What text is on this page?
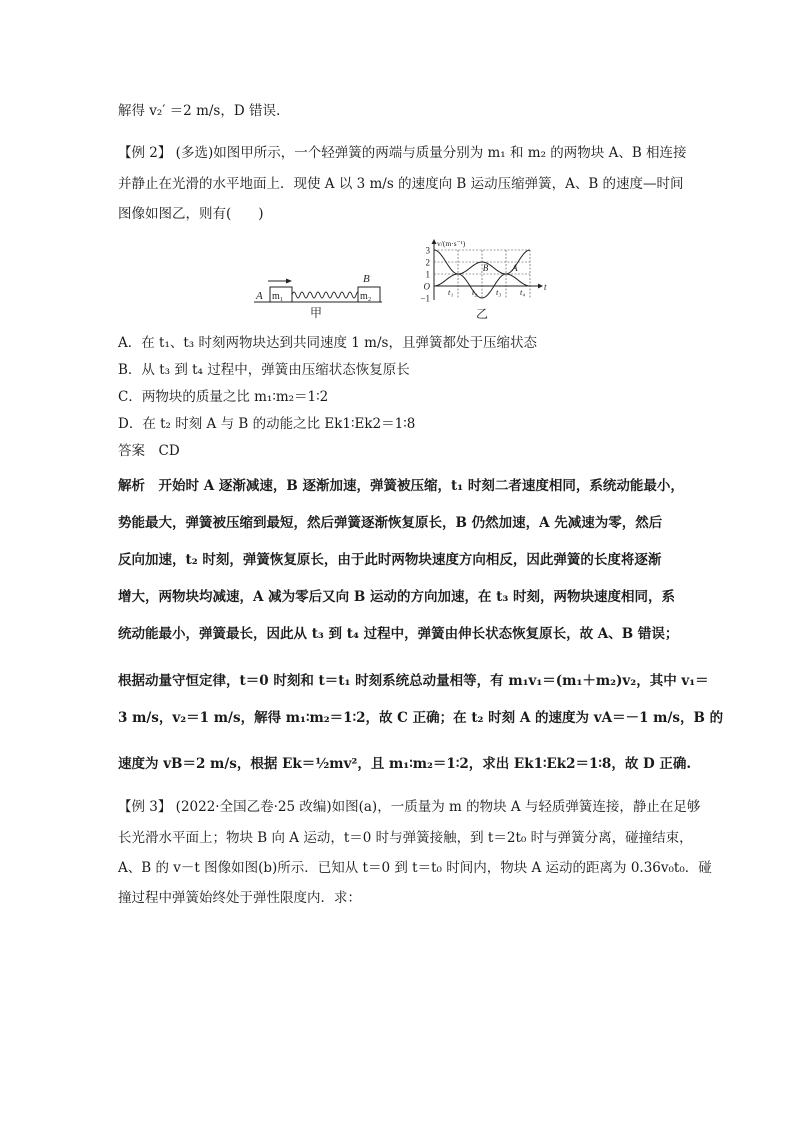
解得 v₂′ ＝2 m/s，D 错误.
【例 2】 (多选)如图甲所示，一个轻弹簧的两端与质量分别为 m₁ 和 m₂ 的两物块 A、B 相连接
并静止在光滑的水平地面上．现使 A 以 3 m/s 的速度向 B 运动压缩弹簧，A、B 的速度—时间
图像如图乙，则有(　　)
m₁
A	m₂
B
甲
3
2
1
O
−1
t₁ t₂ t₃ t₄
v/(m·s⁻¹)
t
A
B
乙
A．在 t₁、t₃ 时刻两物块达到共同速度 1 m/s，且弹簧都处于压缩状态
B．从 t₃ 到 t₄ 过程中，弹簧由压缩状态恢复原长
C．两物块的质量之比 m₁∶m₂＝1∶2
D．在 t₂ 时刻 A 与 B 的动能之比 Ek1∶Ek2＝1∶8
答案　CD
解析　开始时 A 逐渐减速，B 逐渐加速，弹簧被压缩，t₁ 时刻二者速度相同，系统动能最小，
势能最大，弹簧被压缩到最短，然后弹簧逐渐恢复原长，B 仍然加速，A 先减速为零，然后
反向加速，t₂ 时刻，弹簧恢复原长，由于此时两物块速度方向相反，因此弹簧的长度将逐渐
增大，两物块均减速，A 减为零后又向 B 运动的方向加速，在 t₃ 时刻，两物块速度相同，系
统动能最小，弹簧最长，因此从 t₃ 到 t₄ 过程中，弹簧由伸长状态恢复原长，故 A、B 错误；
根据动量守恒定律，t＝0 时刻和 t＝t₁ 时刻系统总动量相等，有 m₁v₁＝(m₁＋m₂)v₂，其中 v₁＝
3 m/s，v₂＝1 m/s，解得 m₁∶m₂＝1∶2，故 C 正确；在 t₂ 时刻 A 的速度为 vA＝－1 m/s，B 的
速度为 vB＝2 m/s，根据 Ek＝½mv²，且 m₁∶m₂＝1∶2，求出 Ek1∶Ek2＝1∶8，故 D 正确.
【例 3】 (2022·全国乙卷·25 改编)如图(a)，一质量为 m 的物块 A 与轻质弹簧连接，静止在足够
长光滑水平面上；物块 B 向 A 运动，t＝0 时与弹簧接触，到 t＝2t₀ 时与弹簧分离，碰撞结束，
A、B 的 v－t 图像如图(b)所示．已知从 t＝0 到 t＝t₀ 时间内，物块 A 运动的距离为 0.36v₀t₀．碰
撞过程中弹簧始终处于弹性限度内．求：
